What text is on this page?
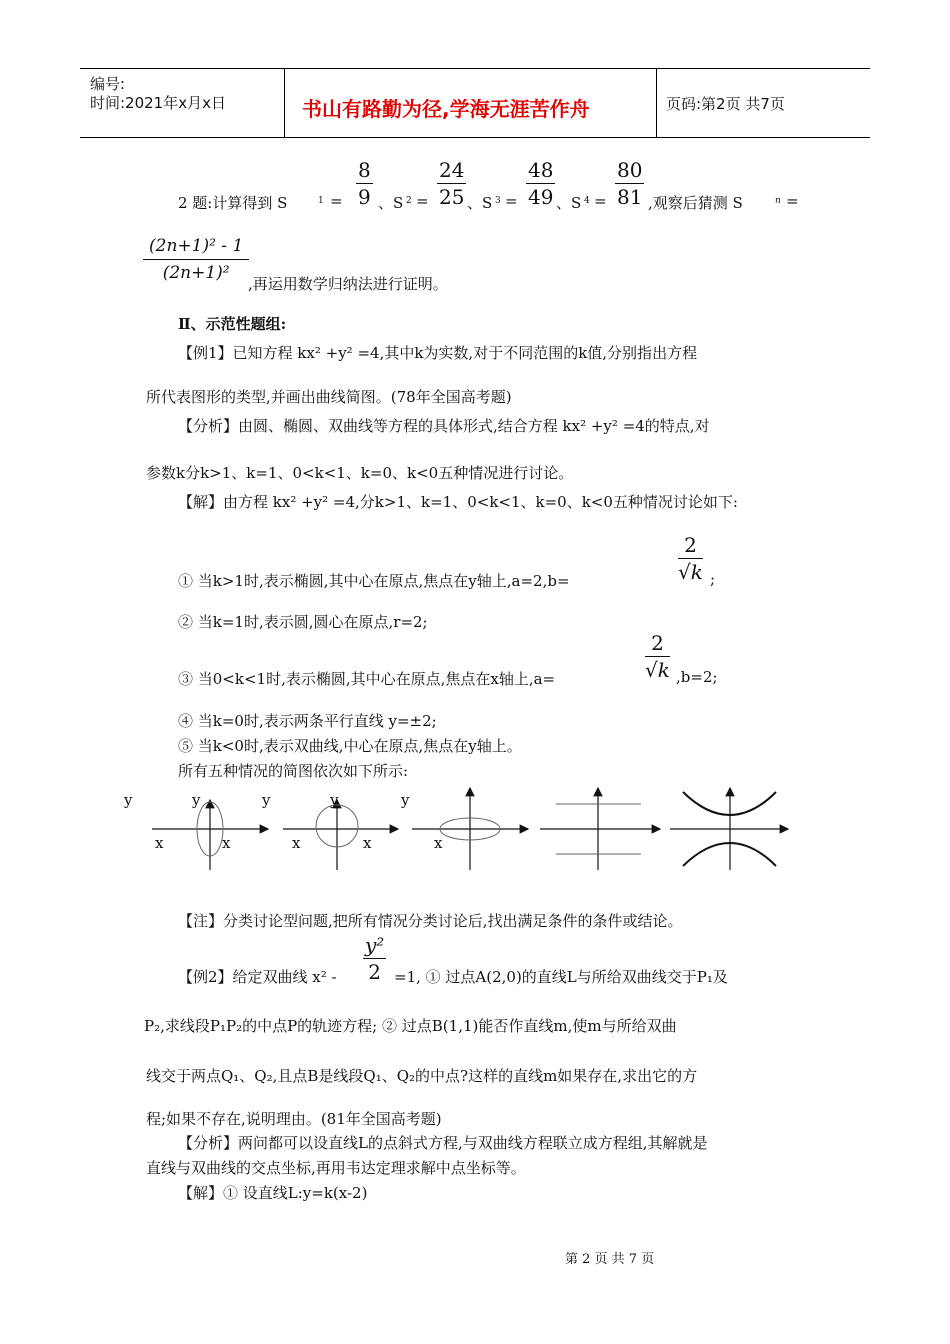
编号:
时间:2021年x月x日	书山有路勤为径,学海无涯苦作舟	页码:第2页 共7页
2 题:计算得到 S	$1 = \frac{8}{9}$ 、S $2 = \frac{24}{25}$ 、S $3 = \frac{48}{49}$ 、S $4 = \frac{80}{81}$ ,观察后猜测 S	n =
$\frac{\text{(2n+1)² - 1}}{\text{(2n+1)²}}$
,再运用数学归纳法进行证明。
Ⅱ、示范性题组:
【例1】已知方程 kx² +y² =4,其中k为实数,对于不同范围的k值,分别指出方程
所代表图形的类型,并画出曲线简图。(78年全国高考题)
【分析】由圆、椭圆、双曲线等方程的具体形式,结合方程 kx² +y² =4的特点,对
参数k分k>1、k=1、0<k<1、k=0、k<0五种情况进行讨论。
【解】由方程 kx² +y² =4,分k>1、k=1、0<k<1、k=0、k<0五种情况讨论如下:
① 当k>1时,表示椭圆,其中心在原点,焦点在y轴上,a=2,b=	$\frac{2}{√k}$ ;
② 当k=1时,表示圆,圆心在原点,r=2;
③ 当0<k<1时,表示椭圆,其中心在原点,焦点在x轴上,a=	$\frac{2}{√k} ,b=2$;
④ 当k=0时,表示两条平行直线 y=±2;
⑤ 当k<0时,表示双曲线,中心在原点,焦点在y轴上。
所有五种情况的简图依次如下所示:
y	y	y	y	y
x	x	x	x	x
【注】分类讨论型问题,把所有情况分类讨论后,找出满足条件的条件或结论。
【例2】给定双曲线 $x^2 - \frac{\text{y²}}{2} =1$, ① 过点A(2,0)的直线L与所给双曲线交于P₁及
P₂,求线段P₁P₂的中点P的轨迹方程; ② 过点B(1,1)能否作直线m,使m与所给双曲
线交于两点Q₁、Q₂,且点B是线段Q₁、Q₂的中点?这样的直线m如果存在,求出它的方
程;如果不存在,说明理由。(81年全国高考题)
【分析】两问都可以设直线L的点斜式方程,与双曲线方程联立成方程组,其解就是
直线与双曲线的交点坐标,再用韦达定理求解中点坐标等。
【解】① 设直线L:y=k(x-2)
第 2 页 共 7 页
